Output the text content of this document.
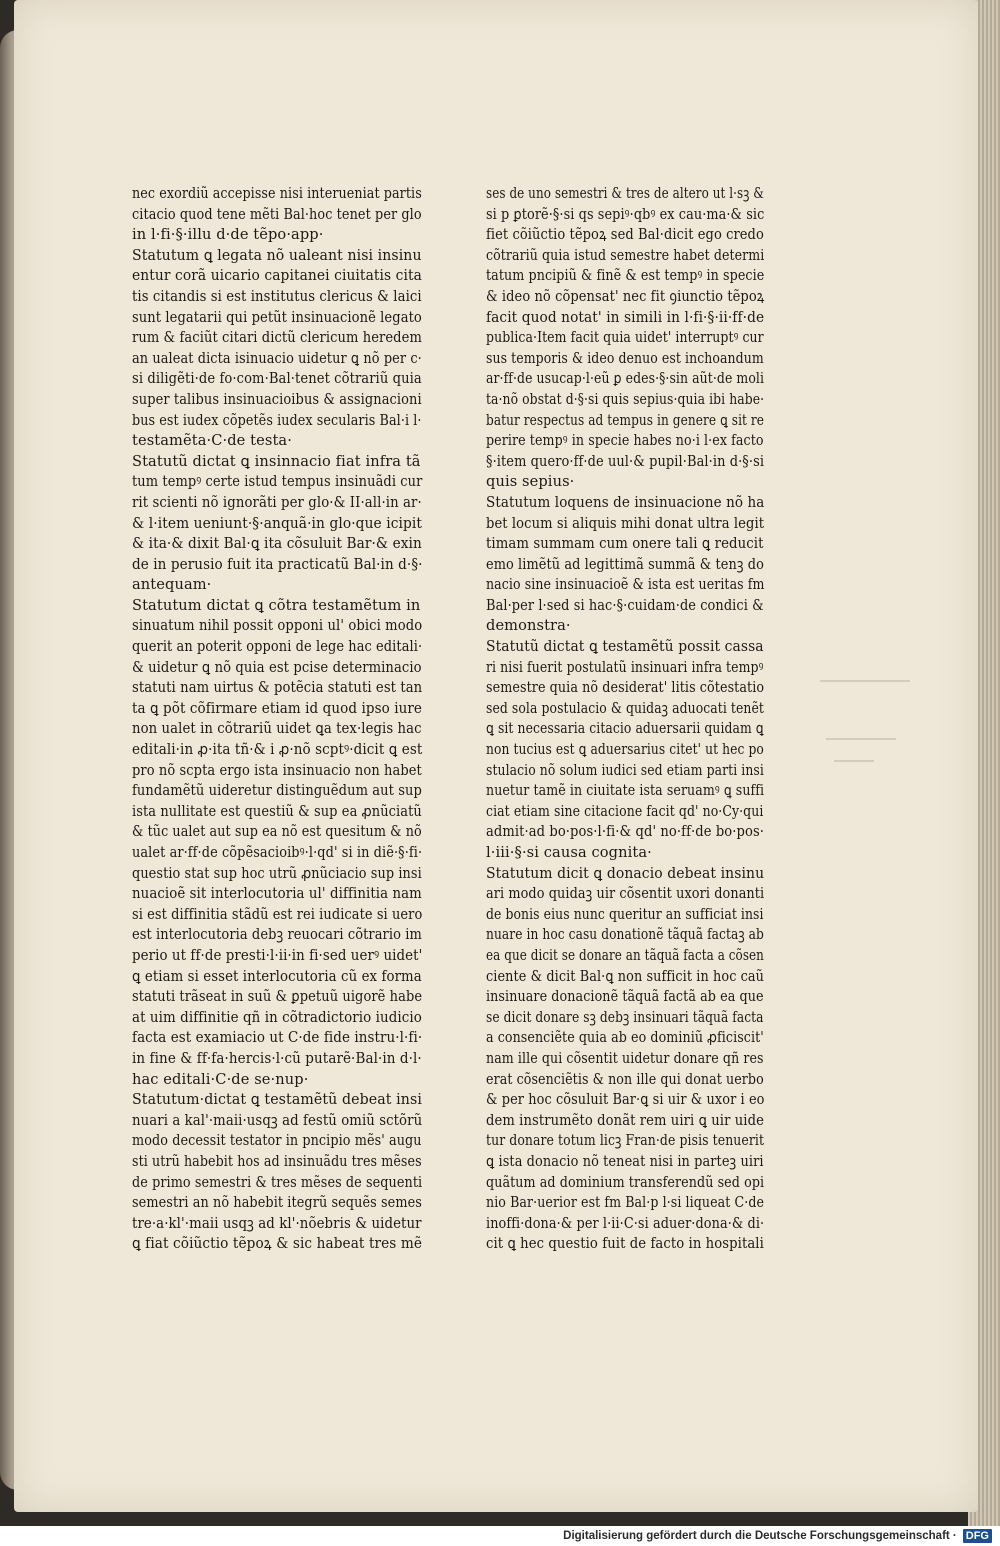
nec exordiũ accepisse nisi interueniat partis
citacio quod tene mẽti Bal·hoc tenet per glo
in l·fi·§·illu d·de tẽpo·app·
Statutum ꝗ legata nõ ualeant nisi insinu
entur corã uicario capitanei ciuitatis cita
tis citandis si est institutus clericus & laici
sunt legatarii qui petũt insinuacionẽ legato
rum & faciũt citari dictũ clericum heredem
an ualeat dicta isinuacio uidetur ꝗ nõ per c·
si diligẽti·de fo·com·Bal·tenet cõtrariũ quia
super talibus insinuacioibus & assignacioni
bus est iudex cõpetẽs iudex secularis Bal·i l·
testamẽta·C·de testa·
Statutũ dictat ꝗ insinnacio fiat infra tã
tum tempꝰ certe istud tempus insinuãdi cur
rit scienti nõ ignorãti per glo·& II·all·in ar·
& l·item ueniunt·§·anquã·in glo·que icipit
& ita·& dixit Bal·ꝗ ita cõsuluit Bar·& exin
de in perusio fuit ita practicatũ Bal·in d·§·
antequam·
Statutum dictat ꝗ cõtra testamẽtum in
sinuatum nihil possit opponi ul' obici modo
querit an poterit opponi de lege hac editali·
& uidetur ꝗ nõ quia est pcise determinacio
statuti nam uirtus & potẽcia statuti est tan
ta ꝗ põt cõfirmare etiam id quod ipso iure
non ualet in cõtrariũ uidet ꝗa tex·legis hac
editali·in ꝓ·ita tñ·& i ꝓ·nõ scptꝰ·dicit ꝗ est
pro nõ scpta ergo ista insinuacio non habet
fundamẽtũ uideretur distinguẽdum aut sup
ista nullitate est questiũ & sup ea ꝓnũciatũ
& tũc ualet aut sup ea nõ est quesitum & nõ
ualet ar·ff·de cõpẽsacioibꝰ·l·qd' si in diẽ·§·fi·
questio stat sup hoc utrũ ꝓnũciacio sup insi
nuacioẽ sit interlocutoria ul' diffinitia nam
si est diffinitia stãdũ est rei iudicate si uero
est interlocutoria debꝫ reuocari cõtrario im
perio ut ff·de presti·l·ii·in fi·sed uerꝰ uidet'
ꝗ etiam si esset interlocutoria cũ ex forma
statuti trãseat in suũ & ꝑpetuũ uigorẽ habe
at uim diffinitie qñ in cõtradictorio iudicio
facta est examiacio ut C·de fide instru·l·fi·
in fine & ff·fa·hercis·l·cũ putarẽ·Bal·in d·l·
hac editali·C·de se·nup·
Statutum·dictat ꝗ testamẽtũ debeat insi
nuari a kal'·maii·usqꝫ ad festũ omiũ sctõrũ
modo decessit testator in pncipio mẽs' augu
sti utrũ habebit hos ad insinuãdu tres mẽses
de primo semestri & tres mẽses de sequenti
semestri an nõ habebit itegrũ sequẽs semes
tre·a·kl'·maii usqꝫ ad kl'·nõebris & uidetur
ꝗ fiat cõiũctio tẽpoꝝ & sic habeat tres mẽ
ses de uno semestri & tres de altero ut l·sꝫ &
si p ꝑtorẽ·§·si qs sepiꝰ·qbꝰ ex cau·ma·& sic
fiet cõiũctio tẽpoꝝ sed Bal·dicit ego credo
cõtrariũ quia istud semestre habet determi
tatum pncipiũ & finẽ & est tempꝰ in specie
& ideo nõ cõpensat' nec fit ꝯiunctio tẽpoꝝ
facit quod notat' in simili in l·fi·§·ii·ff·de
publica·Item facit quia uidet' interruptꝰ cur
sus temporis & ideo denuo est inchoandum
ar·ff·de usucap·l·eũ ꝑ edes·§·sin aũt·de moli
ta·nõ obstat d·§·si quis sepius·quia ibi habe·
batur respectus ad tempus in genere ꝗ sit re
perire tempꝰ in specie habes no·i l·ex facto
§·item quero·ff·de uul·& pupil·Bal·in d·§·si
quis sepius·
Statutum loquens de insinuacione nõ ha
bet locum si aliquis mihi donat ultra legit
timam summam cum onere tali ꝗ reducit
emo limẽtũ ad legittimã summã & tenꝫ do
nacio sine insinuacioẽ & ista est ueritas fm
Bal·per l·sed si hac·§·cuidam·de condici &
demonstra·
Statutũ dictat ꝗ testamẽtũ possit cassa
ri nisi fuerit postulatũ insinuari infra tempꝰ
semestre quia nõ desiderat' litis cõtestatio
sed sola postulacio & quidaꝫ aduocati tenẽt
ꝗ sit necessaria citacio aduersarii quidam ꝗ
non tucius est ꝗ aduersarius citet' ut hec po
stulacio nõ solum iudici sed etiam parti insi
nuetur tamẽ in ciuitate ista seruamꝰ ꝗ suffi
ciat etiam sine citacione facit qd' no·Cy·qui
admit·ad bo·pos·l·fi·& qd' no·ff·de bo·pos·
l·iii·§·si causa cognita·
Statutum dicit ꝗ donacio debeat insinu
ari modo quidaꝫ uir cõsentit uxori donanti
de bonis eius nunc queritur an sufficiat insi
nuare in hoc casu donationẽ tãquã factaꝫ ab
ea que dicit se donare an tãquã facta a cõsen
ciente & dicit Bal·ꝗ non sufficit in hoc caũ
insinuare donacionẽ tãquã factã ab ea que
se dicit donare sꝫ debꝫ insinuari tãquã facta
a consenciẽte quia ab eo dominiũ ꝓficiscit'
nam ille qui cõsentit uidetur donare qñ res
erat cõsenciẽtis & non ille qui donat uerbo
& per hoc cõsuluit Bar·ꝗ si uir & uxor i eo
dem instrumẽto donãt rem uiri ꝗ uir uide
tur donare totum licꝫ Fran·de pisis tenuerit
ꝗ ista donacio nõ teneat nisi in parteꝫ uiri
quãtum ad dominium transferendũ sed opi
nio Bar·uerior est fm Bal·p l·si liqueat C·de
inoffi·dona·& per l·ii·C·si aduer·dona·& di·
cit ꝗ hec questio fuit de facto in hospitali
Digitalisierung gefördert durch die Deutsche Forschungsgemeinschaft · DFG
